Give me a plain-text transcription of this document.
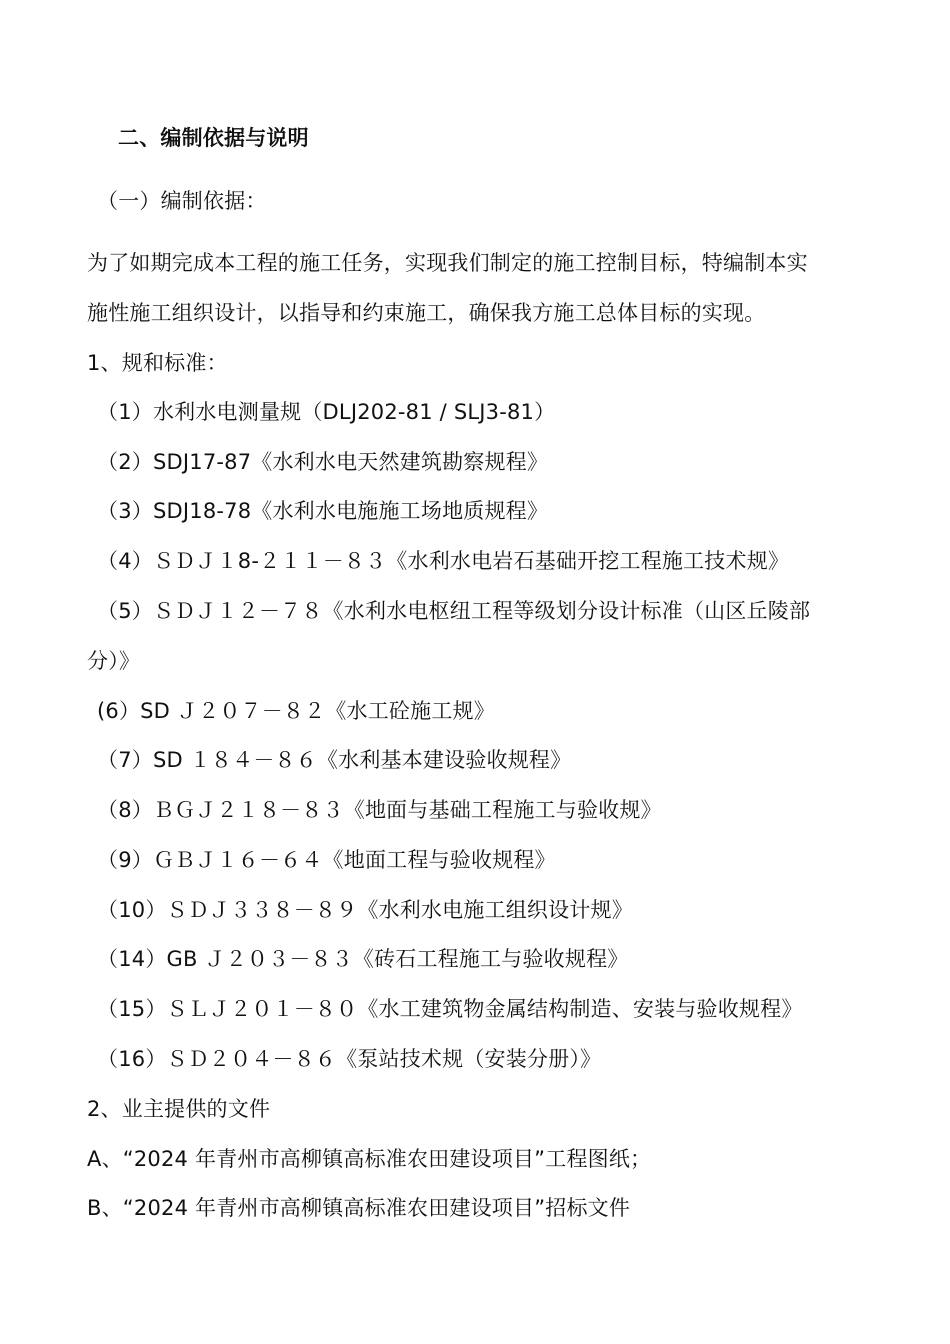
二、编制依据与说明
（一）编制依据：
为了如期完成本工程的施工任务，实现我们制定的施工控制目标，特编制本实
施性施工组织设计，以指导和约束施工，确保我方施工总体目标的实现。
1、规和标准：
（1）水利水电测量规（DLJ202-81 / SLJ3-81）
（2）SDJ17-87《水利水电天然建筑勘察规程》
（3）SDJ18-78《水利水电施施工场地质规程》
（4）ＳＤＪ１8-２１１－８３《水利水电岩石基础开挖工程施工技术规》
（5）ＳＤＪ１２－７８《水利水电枢纽工程等级划分设计标准（山区丘陵部
分）》
(6）SD Ｊ２０７－８２《水工砼施工规》
（7）SD １８４－８６《水利基本建设验收规程》
（8）ＢＧＪ２１８－８３《地面与基础工程施工与验收规》
（9）ＧＢＪ１６－６４《地面工程与验收规程》
（10）ＳＤＪ３３８－８９《水利水电施工组织设计规》
（14）GB Ｊ２０３－８３《砖石工程施工与验收规程》
（15）ＳＬＪ２０１－８０《水工建筑物金属结构制造、安装与验收规程》
（16）ＳＤ２０４－８６《泵站技术规（安装分册）》
2、业主提供的文件
A、“2024 年青州市高柳镇高标准农田建设项目”工程图纸；
B、“2024 年青州市高柳镇高标准农田建设项目”招标文件
